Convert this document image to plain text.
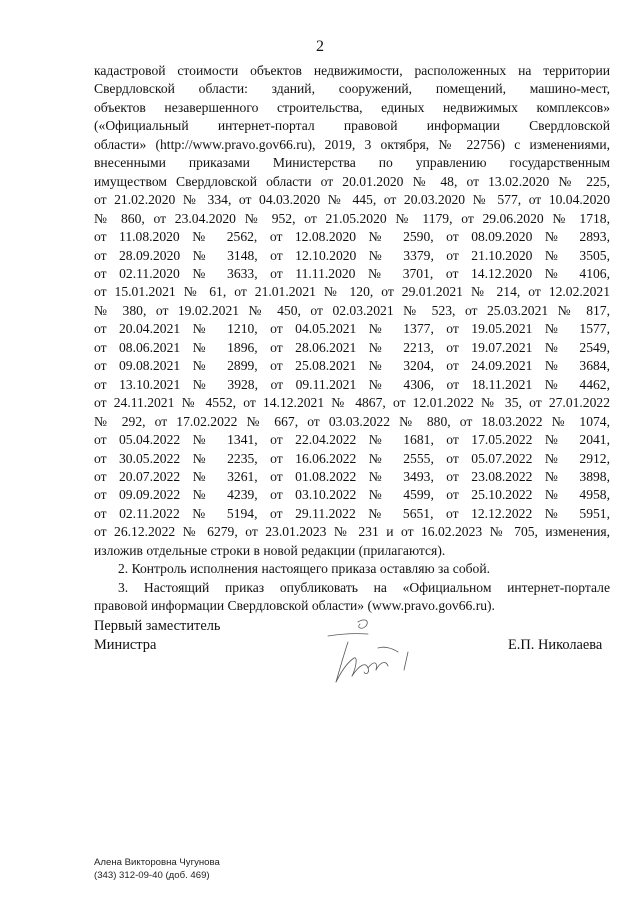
2
кадастровой стоимости объектов недвижимости, расположенных на территории
Свердловской области: зданий, сооружений, помещений, машино-мест,
объектов незавершенного строительства, единых недвижимых комплексов»
(«Официальный интернет-портал правовой информации Свердловской
области» (http://www.pravo.gov66.ru), 2019, 3 октября, № 22756) с изменениями,
внесенными приказами Министерства по управлению государственным
имуществом Свердловской области от 20.01.2020 № 48, от 13.02.2020 № 225,
от 21.02.2020 № 334, от 04.03.2020 № 445, от 20.03.2020 № 577, от 10.04.2020
№ 860, от 23.04.2020 № 952, от 21.05.2020 № 1179, от 29.06.2020 № 1718,
от 11.08.2020 № 2562, от 12.08.2020 № 2590, от 08.09.2020 № 2893,
от 28.09.2020 № 3148, от 12.10.2020 № 3379, от 21.10.2020 № 3505,
от 02.11.2020 № 3633, от 11.11.2020 № 3701, от 14.12.2020 № 4106,
от 15.01.2021 № 61, от 21.01.2021 № 120, от 29.01.2021 № 214, от 12.02.2021
№ 380, от 19.02.2021 № 450, от 02.03.2021 № 523, от 25.03.2021 № 817,
от 20.04.2021 № 1210, от 04.05.2021 № 1377, от 19.05.2021 № 1577,
от 08.06.2021 № 1896, от 28.06.2021 № 2213, от 19.07.2021 № 2549,
от 09.08.2021 № 2899, от 25.08.2021 № 3204, от 24.09.2021 № 3684,
от 13.10.2021 № 3928, от 09.11.2021 № 4306, от 18.11.2021 № 4462,
от 24.11.2021 № 4552, от 14.12.2021 № 4867, от 12.01.2022 № 35, от 27.01.2022
№ 292, от 17.02.2022 № 667, от 03.03.2022 № 880, от 18.03.2022 № 1074,
от 05.04.2022 № 1341, от 22.04.2022 № 1681, от 17.05.2022 № 2041,
от 30.05.2022 № 2235, от 16.06.2022 № 2555, от 05.07.2022 № 2912,
от 20.07.2022 № 3261, от 01.08.2022 № 3493, от 23.08.2022 № 3898,
от 09.09.2022 № 4239, от 03.10.2022 № 4599, от 25.10.2022 № 4958,
от 02.11.2022 № 5194, от 29.11.2022 № 5651, от 12.12.2022 № 5951,
от 26.12.2022 № 6279, от 23.01.2023 № 231 и от 16.02.2023 № 705, изменения,
изложив отдельные строки в новой редакции (прилагаются).
2. Контроль исполнения настоящего приказа оставляю за собой.
3. Настоящий приказ опубликовать на «Официальном интернет-портале
правовой информации Свердловской области» (www.pravo.gov66.ru).
Первый заместитель
Министра	Е.П. Николаева
Алена Викторовна Чугунова
(343) 312-09-40 (доб. 469)
